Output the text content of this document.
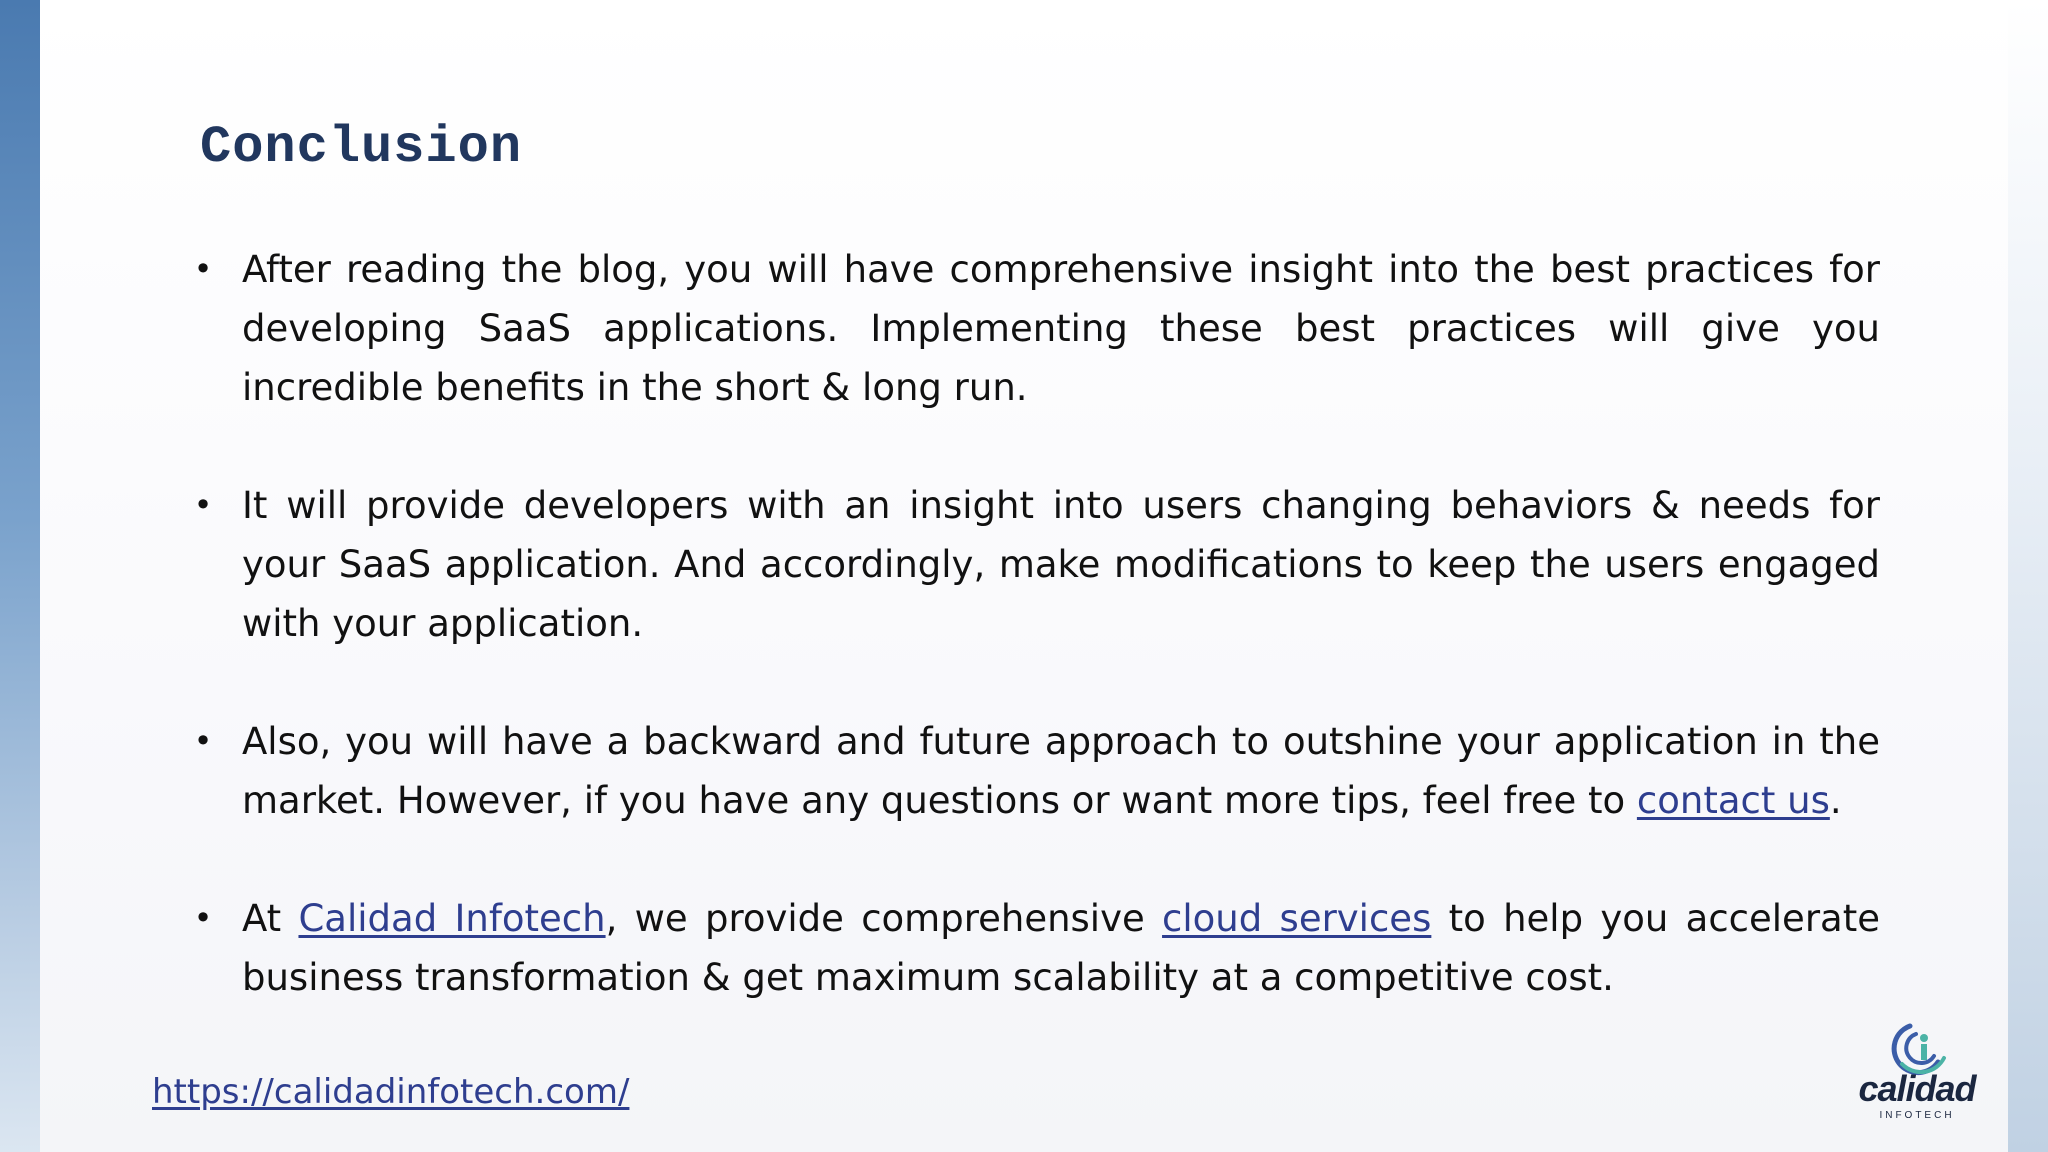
Conclusion
• After reading the blog, you will have comprehensive insight into the best practices for developing SaaS applications. Implementing these best practices will give you incredible benefits in the short & long run.
• It will provide developers with an insight into users changing behaviors & needs for your SaaS application. And accordingly, make modifications to keep the users engaged with your application.
• Also, you will have a backward and future approach to outshine your application in the market. However, if you have any questions or want more tips, feel free to contact us.
• At Calidad Infotech, we provide comprehensive cloud services to help you accelerate business transformation & get maximum scalability at a competitive cost.
https://calidadinfotech.com/	calidad
INFOTECH
